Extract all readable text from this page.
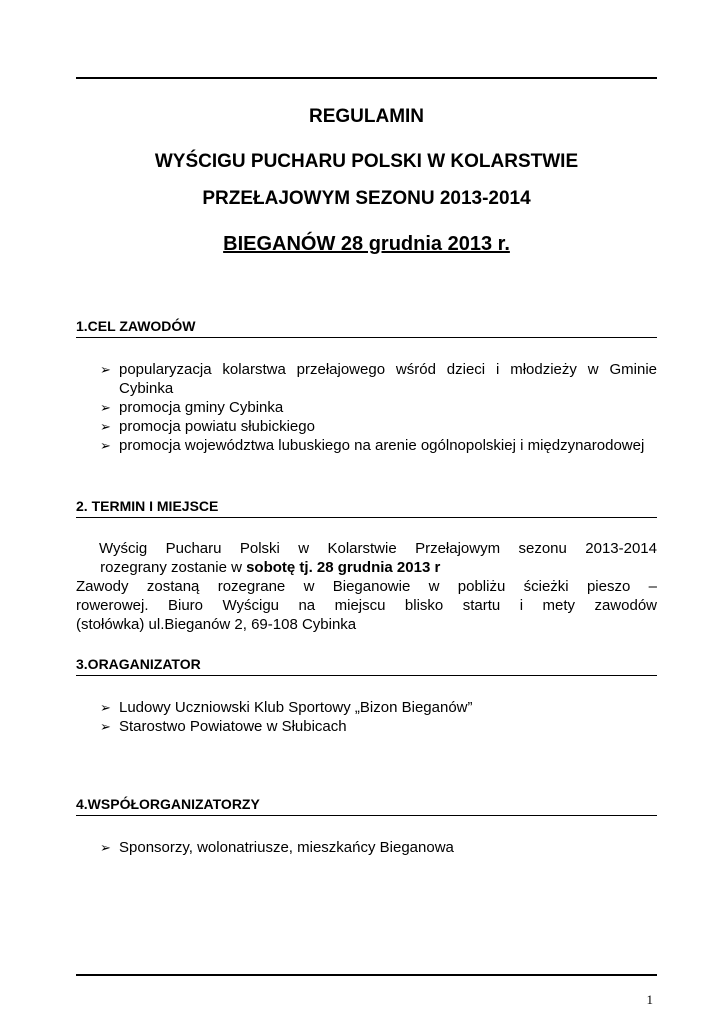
REGULAMIN
WYŚCIGU PUCHARU POLSKI W KOLARSTWIE
PRZEŁAJOWYM SEZONU 2013-2014
BIEGANÓW 28 grudnia 2013 r.
1.CEL ZAWODÓW
➢ popularyzacja kolarstwa przełajowego wśród dzieci i młodzieży w Gminie Cybinka
➢ promocja gminy Cybinka
➢ promocja powiatu słubickiego
➢ promocja województwa lubuskiego na arenie ogólnopolskiej i międzynarodowej
2. TERMIN I MIEJSCE
Wyścig Pucharu Polski w Kolarstwie Przełajowym sezonu 2013-2014
rozegrany zostanie w sobotę tj. 28 grudnia 2013 r
Zawody zostaną rozegrane w Bieganowie w pobliżu ścieżki pieszo –
rowerowej. Biuro Wyścigu na miejscu blisko startu i mety zawodów
(stołówka) ul.Bieganów 2, 69-108 Cybinka
3.ORAGANIZATOR
➢ Ludowy Uczniowski Klub Sportowy „Bizon Bieganów”
➢ Starostwo Powiatowe w Słubicach
4.WSPÓŁORGANIZATORZY
➢ Sponsorzy, wolonatriusze, mieszkańcy Bieganowa
1
